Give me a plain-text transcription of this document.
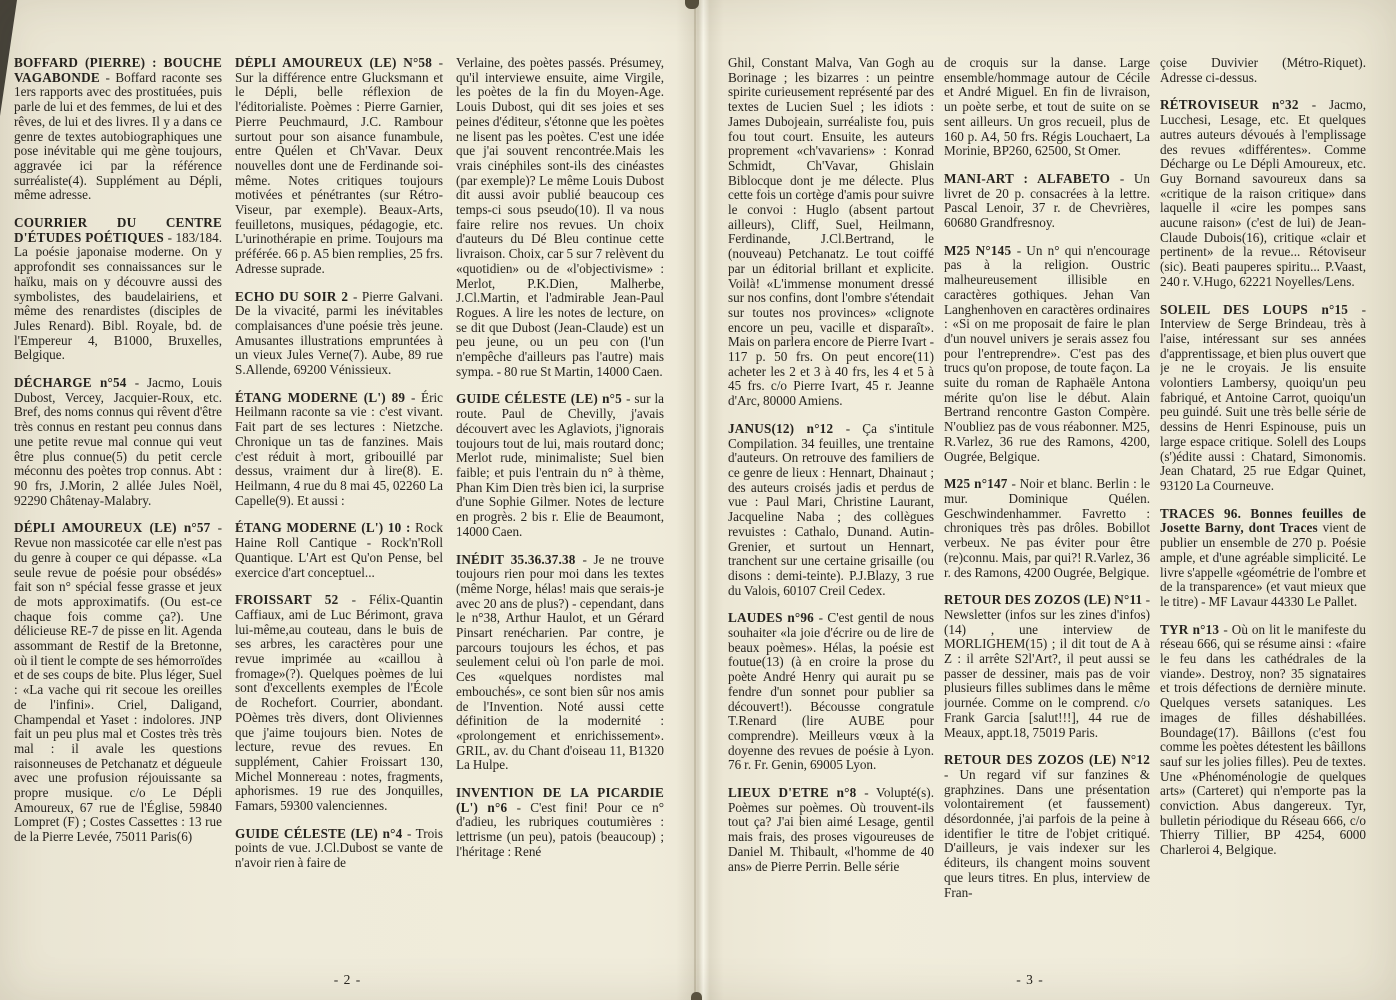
BOFFARD (PIERRE) : BOUCHE VAGABONDE - Boffard raconte ses 1ers rapports avec des prostituées, puis parle de lui et des femmes, de lui et des rêves, de lui et des livres. Il y a dans ce genre de textes autobiographiques une pose inévitable qui me gène toujours, aggravée ici par la référence surréaliste(4). Supplément au Dépli, même adresse.

COURRIER DU CENTRE D'ÉTUDES POÉTIQUES - 183/184. La poésie japonaise moderne. On y approfondit ses connaissances sur le haïku, mais on y découvre aussi des symbolistes, des baudelairiens, et même des renardistes (disciples de Jules Renard). Bibl. Royale, bd. de l'Empereur 4, B1000, Bruxelles, Belgique.

DÉCHARGE n°54 - Jacmo, Louis Dubost, Vercey, Jacquier-Roux, etc. Bref, des noms connus qui rêvent d'être très connus en restant peu connus dans une petite revue mal connue qui veut être plus connue(5) du petit cercle méconnu des poètes trop connus. Abt : 90 frs, J.Morin, 2 allée Jules Noël, 92290 Châtenay-Malabry.

DÉPLI AMOUREUX (LE) n°57 - Revue non massicotée car elle n'est pas du genre à couper ce qui dépasse. «La seule revue de poésie pour obsédés» fait son n° spécial fesse grasse et jeux de mots approximatifs. (Ou est-ce chaque fois comme ça?). Une délicieuse RE-7 de pisse en lit. Agenda assommant de Restif de la Bretonne, où il tient le compte de ses hémorroïdes et de ses coups de bite. Plus léger, Suel : «La vache qui rit secoue les oreilles de l'infini». Criel, Daligand, Champendal et Yaset : indolores. JNP fait un peu plus mal et Costes très très mal : il avale les questions raisonneuses de Petchanatz et dégueule avec une profusion réjouissante sa propre musique. c/o Le Dépli Amoureux, 67 rue de l'Église, 59840 Lompret (F) ; Costes Cassettes : 13 rue de la Pierre Levée, 75011 Paris(6)

DÉPLI AMOUREUX (LE) N°58 - Sur la différence entre Glucksmann et le Dépli, belle réflexion de l'éditorialiste. Poèmes : Pierre Garnier, Pierre Peuchmaurd, J.C. Rambour surtout pour son aisance funambule, entre Quélen et Ch'Vavar. Deux nouvelles dont une de Ferdinande soi-même. Notes critiques toujours motivées et pénétrantes (sur Rétro-Viseur, par exemple). Beaux-Arts, feuilletons, musiques, pédagogie, etc. L'urinothérapie en prime. Toujours ma préférée. 66 p. A5 bien remplies, 25 frs. Adresse suprade.

ECHO DU SOIR 2 - Pierre Galvani. De la vivacité, parmi les inévitables complaisances d'une poésie très jeune. Amusantes illustrations empruntées à un vieux Jules Verne(7). Aube, 89 rue S.Allende, 69200 Vénissieux.

ÉTANG MODERNE (L') 89 - Éric Heilmann raconte sa vie : c'est vivant. Fait part de ses lectures : Nietzche. Chronique un tas de fanzines. Mais c'est réduit à mort, gribouillé par dessus, vraiment dur à lire(8). E. Heilmann, 4 rue du 8 mai 45, 02260 La Capelle(9). Et aussi :

ÉTANG MODERNE (L') 10 : Rock Haine Roll Cantique - Rock'n'Roll Quantique. L'Art est Qu'on Pense, bel exercice d'art conceptuel...

FROISSART 52 - Félix-Quantin Caffiaux, ami de Luc Bérimont, grava lui-même,au couteau, dans le buis de ses arbres, les caractères pour une revue imprimée au «caillou à fromage»(?). Quelques poèmes de lui sont d'excellents exemples de l'École de Rochefort. Courrier, abondant. POèmes très divers, dont Oliviennes que j'aime toujours bien. Notes de lecture, revue des revues. En supplément, Cahier Froissart 130, Michel Monnereau : notes, fragments, aphorismes. 19 rue des Jonquilles, Famars, 59300 valenciennes.

GUIDE CÉLESTE (LE) n°4 - Trois points de vue. J.Cl.Dubost se vante de n'avoir rien à faire de

Verlaine, des poètes passés. Présumey, qu'il interviewe ensuite, aime Virgile, les poètes de la fin du Moyen-Age. Louis Dubost, qui dit ses joies et ses peines d'éditeur, s'étonne que les poètes ne lisent pas les poètes. C'est une idée que j'ai souvent rencontrée.Mais les vrais cinéphiles sont-ils des cinéastes (par exemple)? Le même Louis Dubost dit aussi avoir publié beaucoup ces temps-ci sous pseudo(10). Il va nous faire relire nos revues. Un choix d'auteurs du Dé Bleu continue cette livraison. Choix, car 5 sur 7 relèvent du «quotidien» ou de «l'objectivisme» : Merlot, P.K.Dien, Malherbe, J.Cl.Martin, et l'admirable Jean-Paul Rogues. A lire les notes de lecture, on se dit que Dubost (Jean-Claude) est un peu jeune, ou un peu con (l'un n'empêche d'ailleurs pas l'autre) mais sympa. - 80 rue St Martin, 14000 Caen.

GUIDE CÉLESTE (LE) n°5 - sur la route. Paul de Chevilly, j'avais découvert avec les Aglaviots, j'ignorais toujours tout de lui, mais routard donc; Merlot rude, minimaliste; Suel bien faible; et puis l'entrain du n° à thème, Phan Kim Dien très bien ici, la surprise d'une Sophie Gilmer. Notes de lecture en progrès. 2 bis r. Elie de Beaumont, 14000 Caen.

INÉDIT 35.36.37.38 - Je ne trouve toujours rien pour moi dans les textes (même Norge, hélas! mais que serais-je avec 20 ans de plus?) - cependant, dans le n°38, Arthur Haulot, et un Gérard Pinsart renécharien. Par contre, je parcours toujours les échos, et pas seulement celui où l'on parle de moi. Ces «quelques nordistes mal embouchés», ce sont bien sûr nos amis de l'Invention. Noté aussi cette définition de la modernité : «prolongement et enrichissement». GRIL, av. du Chant d'oiseau 11, B1320 La Hulpe.

INVENTION DE LA PICARDIE (L') n°6 - C'est fini! Pour ce n° d'adieu, les rubriques coutumières : lettrisme (un peu), patois (beaucoup) ; l'héritage : René

- 2 -

Ghil, Constant Malva, Van Gogh au Borinage ; les bizarres : un peintre spirite curieusement représenté par des textes de Lucien Suel ; les idiots : James Dubojeain, surréaliste fou, puis fou tout court. Ensuite, les auteurs proprement «ch'vavariens» : Konrad Schmidt, Ch'Vavar, Ghislain Biblocque dont je me délecte. Plus cette fois un cortège d'amis pour suivre le convoi : Huglo (absent partout ailleurs), Cliff, Suel, Heilmann, Ferdinande, J.Cl.Bertrand, le (nouveau) Petchanatz. Le tout coiffé par un éditorial brillant et explicite. Voilà! «L'immense monument dressé sur nos confins, dont l'ombre s'étendait sur toutes nos provinces» «clignote encore un peu, vacille et disparaît». Mais on parlera encore de Pierre Ivart - 117 p. 50 frs. On peut encore(11) acheter les 2 et 3 à 40 frs, les 4 et 5 à 45 frs. c/o Pierre Ivart, 45 r. Jeanne d'Arc, 80000 Amiens.

JANUS(12) n°12 - Ça s'intitule Compilation. 34 feuilles, une trentaine d'auteurs. On retrouve des familiers de ce genre de lieux : Hennart, Dhainaut ; des auteurs croisés jadis et perdus de vue : Paul Mari, Christine Laurant, Jacqueline Naba ; des collègues revuistes : Cathalo, Dunand. Autin-Grenier, et surtout un Hennart, tranchent sur une certaine grisaille (ou disons : demi-teinte). P.J.Blazy, 3 rue du Valois, 60107 Creil Cedex.

LAUDES n°96 - C'est gentil de nous souhaiter «la joie d'écrire ou de lire de beaux poèmes». Hélas, la poésie est foutue(13) (à en croire la prose du poète André Henry qui aurait pu se fendre d'un sonnet pour publier sa découvert!). Bécousse congratule T.Renard (lire AUBE pour comprendre). Meilleurs vœux à la doyenne des revues de poésie à Lyon. 76 r. Fr. Genin, 69005 Lyon.

LIEUX D'ETRE n°8 - Volupté(s). Poèmes sur poèmes. Où trouvent-ils tout ça? J'ai bien aimé Lesage, gentil mais frais, des proses vigoureuses de Daniel M. Thibault, «l'homme de 40 ans» de Pierre Perrin. Belle série

de croquis sur la danse. Large ensemble/hommage autour de Cécile et André Miguel. En fin de livraison, un poète serbe, et tout de suite on se sent ailleurs. Un gros recueil, plus de 160 p. A4, 50 frs. Régis Louchaert, La Morinie, BP260, 62500, St Omer.

MANI-ART : ALFABETO - Un livret de 20 p. consacrées à la lettre. Pascal Lenoir, 37 r. de Chevrières, 60680 Grandfresnoy.

M25 N°145 - Un n° qui n'encourage pas à la religion. Oustric malheureusement illisible en caractères gothiques. Jehan Van Langhenhoven en caractères ordinaires : «Si on me proposait de faire le plan d'un nouvel univers je serais assez fou pour l'entreprendre». C'est pas des trucs qu'on propose, de toute façon. La suite du roman de Raphaële Antona mérite qu'on lise le début. Alain Bertrand rencontre Gaston Compère. N'oubliez pas de vous réabonner. M25, R.Varlez, 36 rue des Ramons, 4200, Ougrée, Belgique.

M25 n°147 - Noir et blanc. Berlin : le mur. Dominique Quélen. Geschwindenhammer. Favretto : chroniques très pas drôles. Bobillot verbeux. Ne pas éviter pour être (re)connu. Mais, par qui?! R.Varlez, 36 r. des Ramons, 4200 Ougrée, Belgique.

RETOUR DES ZOZOS (LE) N°11 - Newsletter (infos sur les zines d'infos)(14) , une interview de MORLIGHEM(15) ; il dit tout de A à Z : il arrête S2l'Art?, il peut aussi se passer de dessiner, mais pas de voir plusieurs filles sublimes dans le même journée. Comme on le comprend. c/o Frank Garcia [salut!!!], 44 rue de Meaux, appt.18, 75019 Paris.

RETOUR DES ZOZOS (LE) N°12 - Un regard vif sur fanzines & graphzines. Dans une présentation volontairement (et faussement) désordonnée, j'ai parfois de la peine à identifier le titre de l'objet critiqué. D'ailleurs, je vais indexer sur les éditeurs, ils changent moins souvent que leurs titres. En plus, interview de Fran-

çoise Duvivier (Métro-Riquet). Adresse ci-dessus.

RÉTROVISEUR n°32 - Jacmo, Lucchesi, Lesage, etc. Et quelques autres auteurs dévoués à l'emplissage des revues «différentes». Comme Décharge ou Le Dépli Amoureux, etc. Guy Bornand savoureux dans sa «critique de la raison critique» dans laquelle il «cire les pompes sans aucune raison» (c'est de lui) de Jean-Claude Dubois(16), critique «clair et pertinent» de la revue... Rétoviseur (sic). Beati pauperes spiritu... P.Vaast, 240 r. V.Hugo, 62221 Noyelles/Lens.

SOLEIL DES LOUPS n°15 - Interview de Serge Brindeau, très à l'aise, intéressant sur ses années d'apprentissage, et bien plus ouvert que je ne le croyais. Je lis ensuite volontiers Lambersy, quoiqu'un peu fabriqué, et Antoine Carrot, quoiqu'un peu guindé. Suit une très belle série de dessins de Henri Espinouse, puis un large espace critique. Solell des Loups (s')édite aussi : Chatard, Simonomis. Jean Chatard, 25 rue Edgar Quinet, 93120 La Courneuve.

TRACES 96. Bonnes feuilles de Josette Barny, dont Traces vient de publier un ensemble de 270 p. Poésie ample, et d'une agréable simplicité. Le livre s'appelle «géométrie de l'ombre et de la transparence» (et vaut mieux que le titre) - MF Lavaur 44330 Le Pallet.

TYR n°13 - Où on lit le manifeste du réseau 666, qui se résume ainsi : «faire le feu dans les cathédrales de la viande». Destroy, non? 35 signataires et trois défections de dernière minute. Quelques versets sataniques. Les images de filles déshabillées. Boundage(17). Bâillons (c'est fou comme les poètes détestent les bâillons sauf sur les jolies filles). Peu de textes. Une «Phénoménologie de quelques arts» (Carteret) qui n'emporte pas la conviction. Abus dangereux. Tyr, bulletin périodique du Réseau 666, c/o Thierry Tillier, BP 4254, 6000 Charleroi 4, Belgique.

- 3 -
